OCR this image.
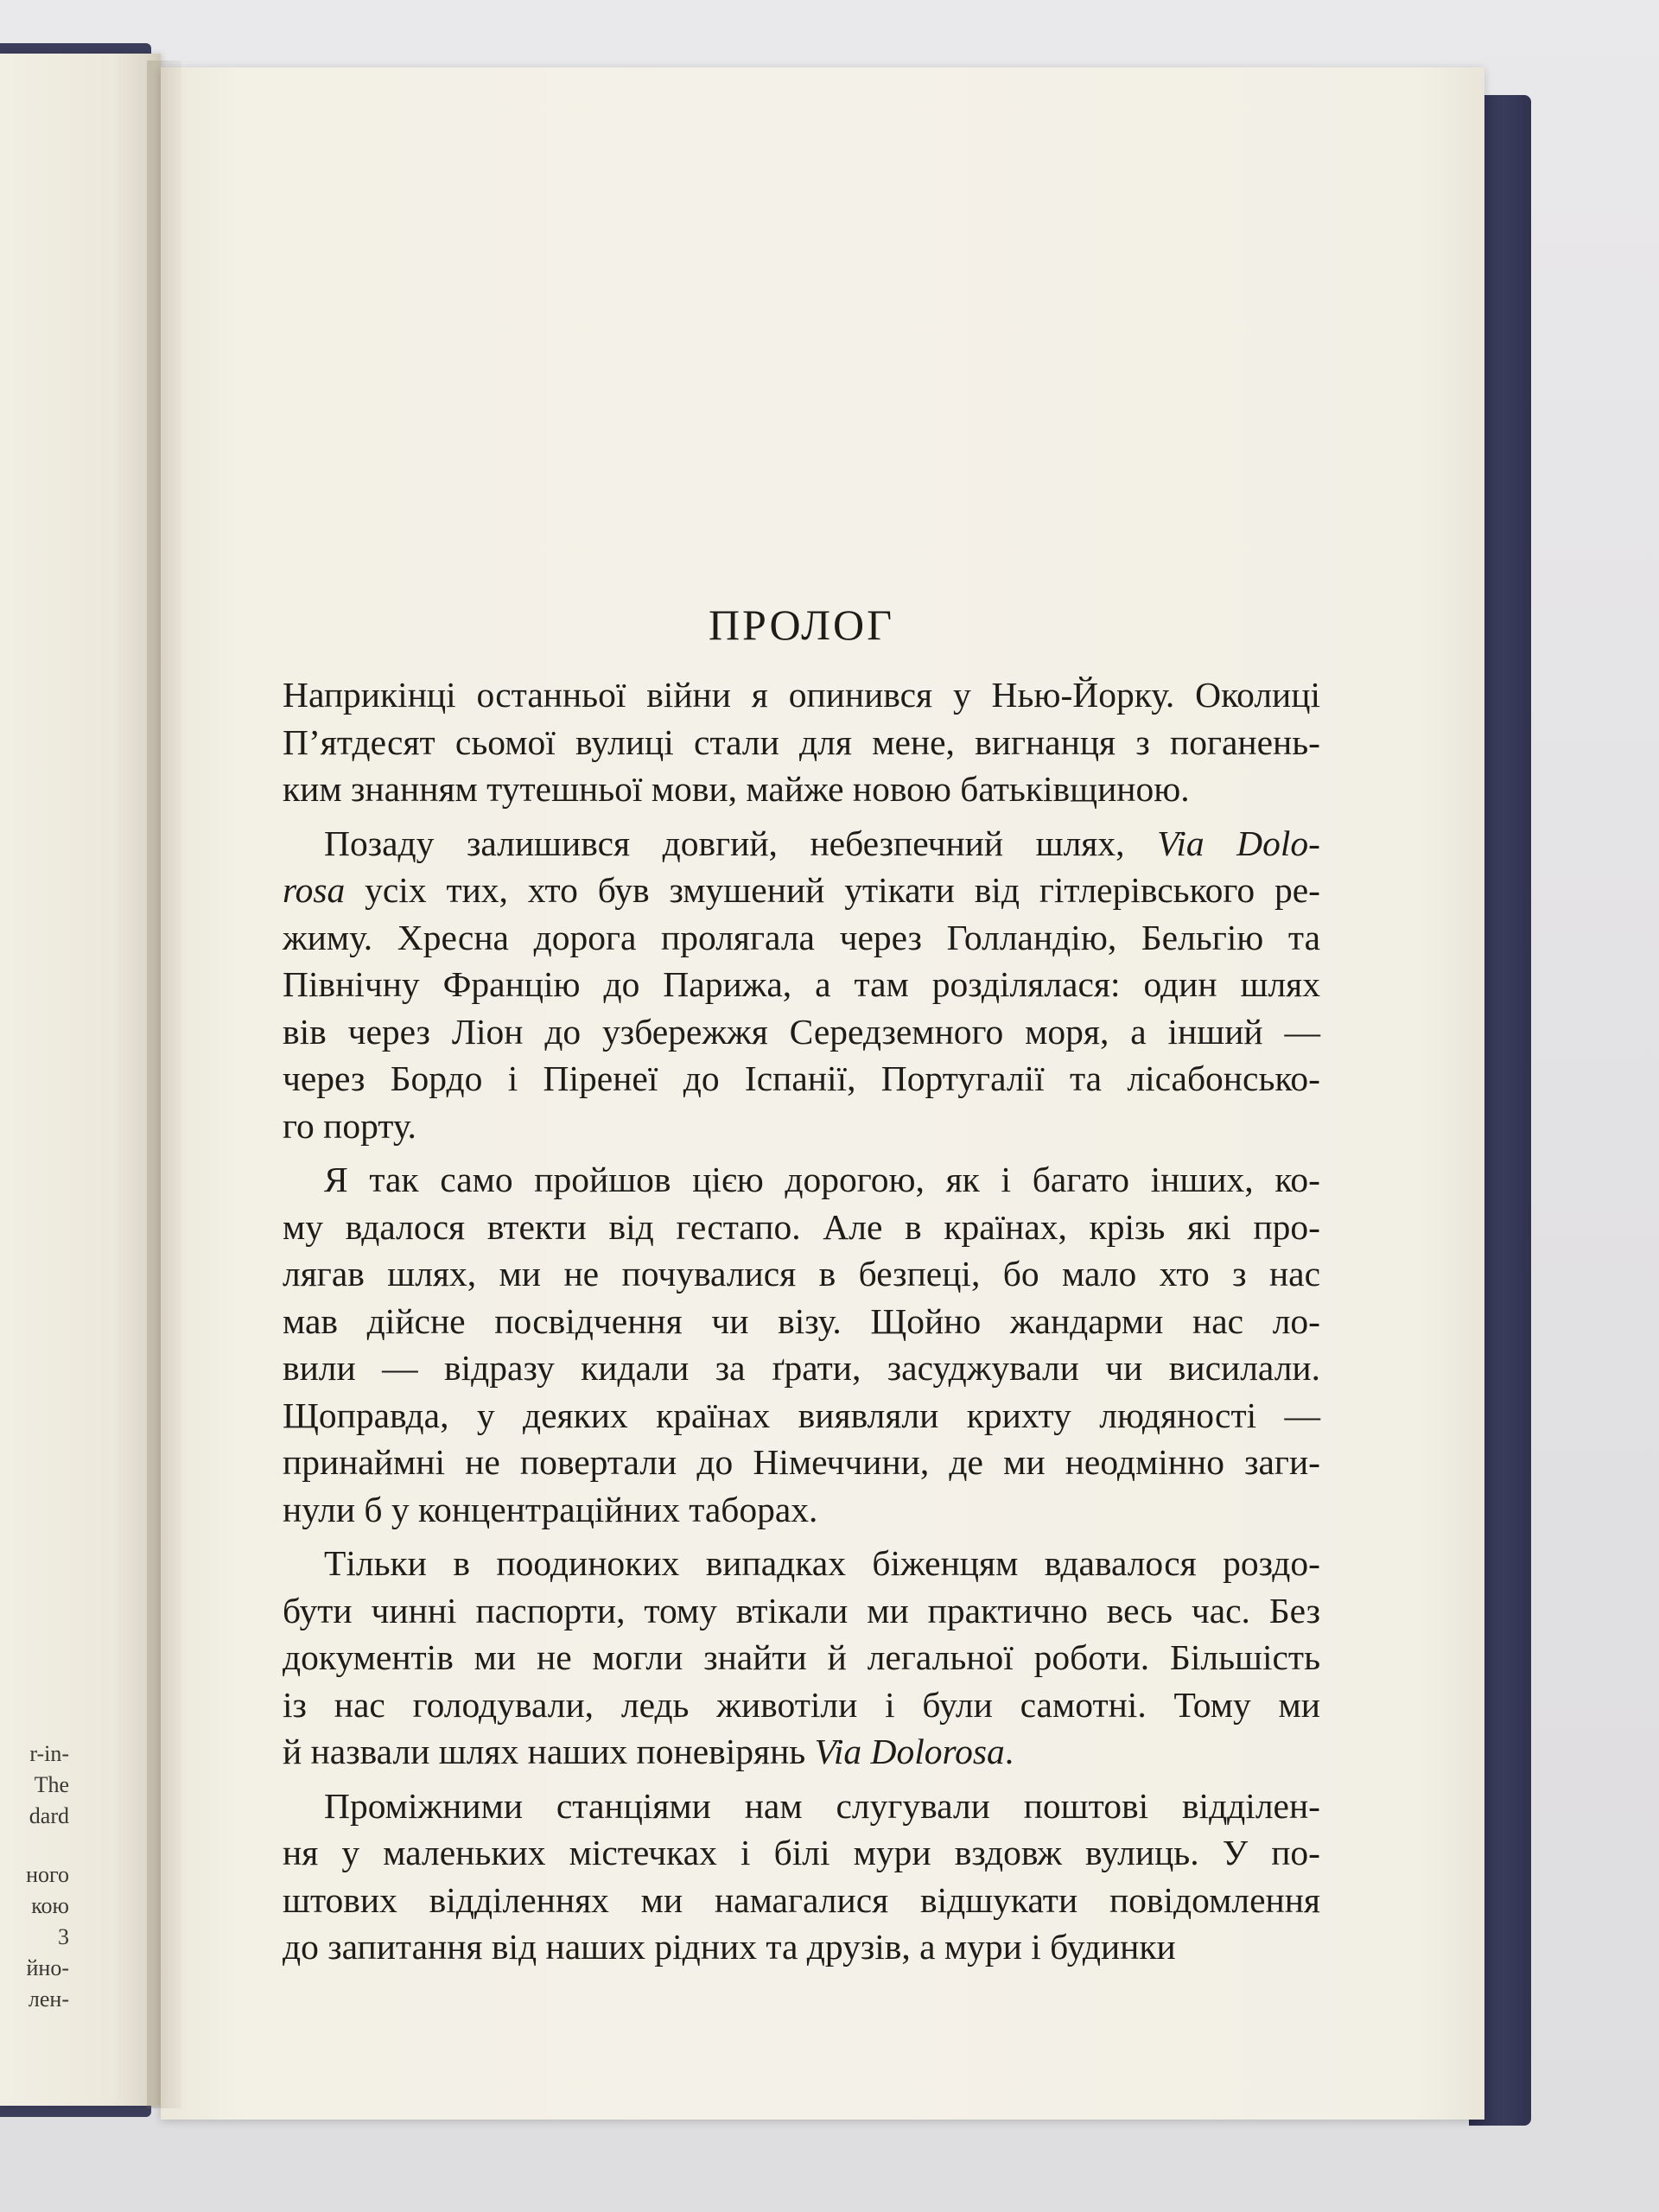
r-in-
The
dard
ного
кою
3
йно-
лен-
ПРОЛОГ
Наприкінці останньої війни я опинився у Нью-Йорку. Околиці
П’ятдесят сьомої вулиці стали для мене, вигнанця з поганень-
ким знанням тутешньої мови, майже новою батьківщиною.
Позаду залишився довгий, небезпечний шлях, Via Dolo-
rosa усіх тих, хто був змушений утікати від гітлерівського ре-
жиму. Хресна дорога пролягала через Голландію, Бельгію та
Північну Францію до Парижа, а там розділялася: один шлях
вів через Ліон до узбережжя Середземного моря, а інший —
через Бордо і Піренеї до Іспанії, Португалії та лісабонсько-
го порту.
Я так само пройшов цією дорогою, як і багато інших, ко-
му вдалося втекти від гестапо. Але в країнах, крізь які про-
лягав шлях, ми не почувалися в безпеці, бо мало хто з нас
мав дійсне посвідчення чи візу. Щойно жандарми нас ло-
вили — відразу кидали за ґрати, засуджували чи висилали.
Щоправда, у деяких країнах виявляли крихту людяності —
принаймні не повертали до Німеччини, де ми неодмінно заги-
нули б у концентраційних таборах.
Тільки в поодиноких випадках біженцям вдавалося роздо-
бути чинні паспорти, тому втікали ми практично весь час. Без
документів ми не могли знайти й легальної роботи. Більшість
із нас голодували, ледь животіли і були самотні. Тому ми
й назвали шлях наших поневірянь Via Dolorosa.
Проміжними станціями нам слугували поштові відділен-
ня у маленьких містечках і білі мури вздовж вулиць. У по-
штових відділеннях ми намагалися відшукати повідомлення
до запитання від наших рідних та друзів, а мури і будинки
